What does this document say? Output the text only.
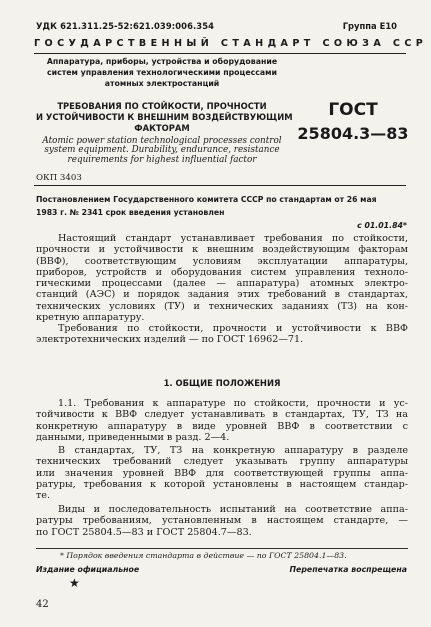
УДК 621.311.25-52:621.039:006.354	Группа Е10
ГОСУДАРСТВЕННЫЙ СТАНДАРТ СОЮЗА ССР
Аппаратура, приборы, устройства и оборудование
систем управления технологическими процессами
атомных электростанций
ТРЕБОВАНИЯ ПО СТОЙКОСТИ, ПРОЧНОСТИ
И УСТОЙЧИВОСТИ К ВНЕШНИМ ВОЗДЕЙСТВУЮЩИМ
ФАКТОРАМ
Atomic power station technological processes control
system equipment. Durability, endurance, resistance
requirements for highest influential factor
ГОСТ
25804.3—83
ОКП 3403
Постановлением Государственного комитета СССР по стандартам от 26 мая
1983 г. № 2341 срок введения установлен
с 01.01.84*
Настоящий стандарт устанавливает требования по стойкости,
прочности и устойчивости к внешним воздействующим факторам
(ВВФ), соответствующим условиям эксплуатации аппаратуры,
приборов, устройств и оборудования систем управления техноло-
гическими процессами (далее — аппаратура) атомных электро-
станций (АЭС) и порядок задания этих требований в стандартах,
технических условиях (ТУ) и технических заданиях (ТЗ) на кон-
кретную аппаратуру.
Требования по стойкости, прочности и устойчивости к ВВФ
электротехнических изделий — по ГОСТ 16962—71.
1. ОБЩИЕ ПОЛОЖЕНИЯ
1.1. Требования к аппаратуре по стойкости, прочности и ус-
тойчивости к ВВФ следует устанавливать в стандартах, ТУ, ТЗ на
конкретную аппаратуру в виде уровней ВВФ в соответствии с
данными, приведенными в разд. 2—4.
В стандартах, ТУ, ТЗ на конкретную аппаратуру в разделе
технических требований следует указывать группу аппаратуры
или значения уровней ВВФ для соответствующей группы аппа-
ратуры, требования к которой установлены в настоящем стандар-
те.
Виды и последовательность испытаний на соответствие аппа-
ратуры требованиям, установленным в настоящем стандарте, —
по ГОСТ 25804.5—83 и ГОСТ 25804.7—83.
* Порядок введения стандарта в действие — по ГОСТ 25804.1—83.
Издание официальное	Перепечатка воспрещена
★
42
